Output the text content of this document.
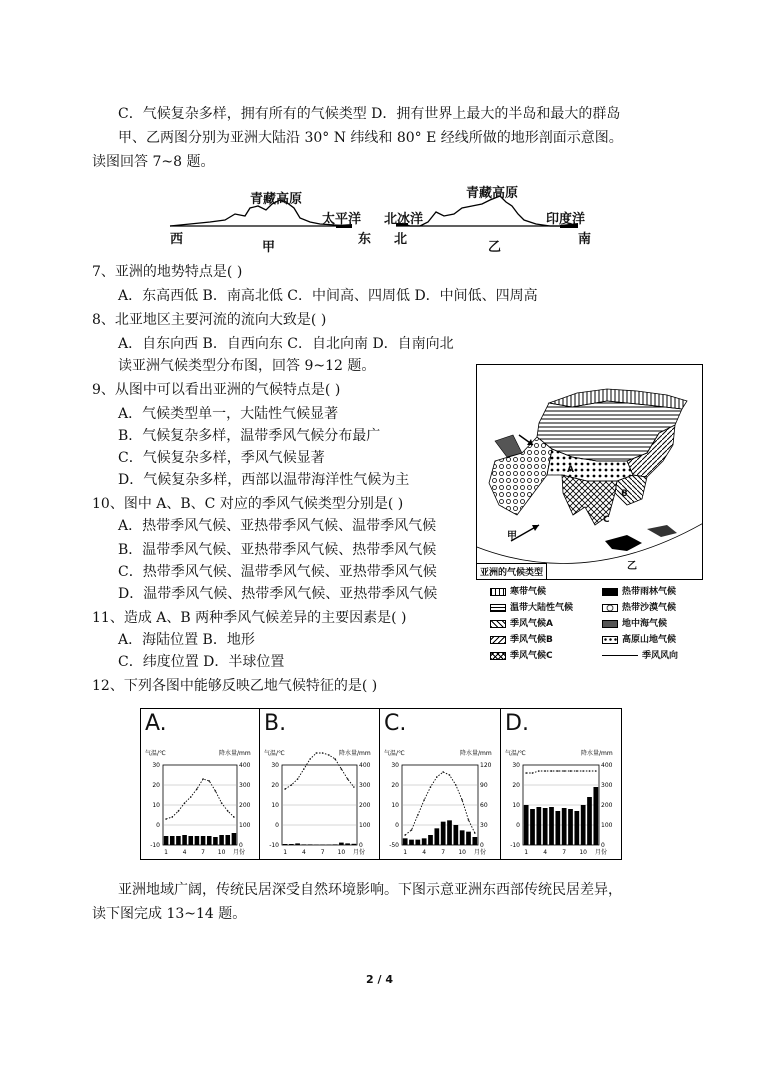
C．气候复杂多样，拥有所有的气候类型 D．拥有世界上最大的半岛和最大的群岛
甲、乙两图分别为亚洲大陆沿 30° N 纬线和 80° E 经线所做的地形剖面示意图。
读图回答 7~8 题。
青藏高原
太平洋
西	东
甲
青藏高原
北冰洋	印度洋
北	南
乙
7、亚洲的地势特点是( )
A．东高西低 B．南高北低 C．中间高、四周低 D．中间低、四周高
8、北亚地区主要河流的流向大致是( )
A．自东向西 B．自西向东 C．自北向南 D．自南向北
读亚洲气候类型分布图，回答 9~12 题。
9、从图中可以看出亚洲的气候特点是( )
A．气候类型单一，大陆性气候显著
B．气候复杂多样，温带季风气候分布最广
C．气候复杂多样，季风气候显著
D．气候复杂多样，西部以温带海洋性气候为主
10、图中 A、B、C 对应的季风气候类型分别是( )
A．热带季风气候、亚热带季风气候、温带季风气候
B．温带季风气候、亚热带季风气候、热带季风气候
C．热带季风气候、温带季风气候、亚热带季风气候
D．温带季风气候、热带季风气候、亚热带季风气候
11、造成 A、B 两种季风气候差异的主要因素是( )
A．海陆位置 B．地形
C．纬度位置 D．半球位置
12、下列各图中能够反映乙地气候特征的是( )
甲
乙
A
B
C
亚洲的气候类型
寒带气候	热带雨林气候
温带大陆性气候	热带沙漠气候
季风气候A	地中海气候
季风气候B	高原山地气候
季风气候C	季风风向
A.
气温/℃	降水量/mm
30	400
20	300
10	200
0	100
-10	0
1 4 7 10 月份
B.
气温/℃	降水量/mm
30	400
20	300
10	200
0	100
-10	0
1 4 7 10 月份
C.
气温/℃	降水量/mm
30	120
20	90
10	60
0	30
-50	0
1	4	7 10 月份
D.
气温/℃	降水量/mm
30	400
20	300
10	200
0	100
-10	0
1	4	7 10 月份
亚洲地域广阔，传统民居深受自然环境影响。下图示意亚洲东西部传统民居差异，
读下图完成 13~14 题。
2 / 4
